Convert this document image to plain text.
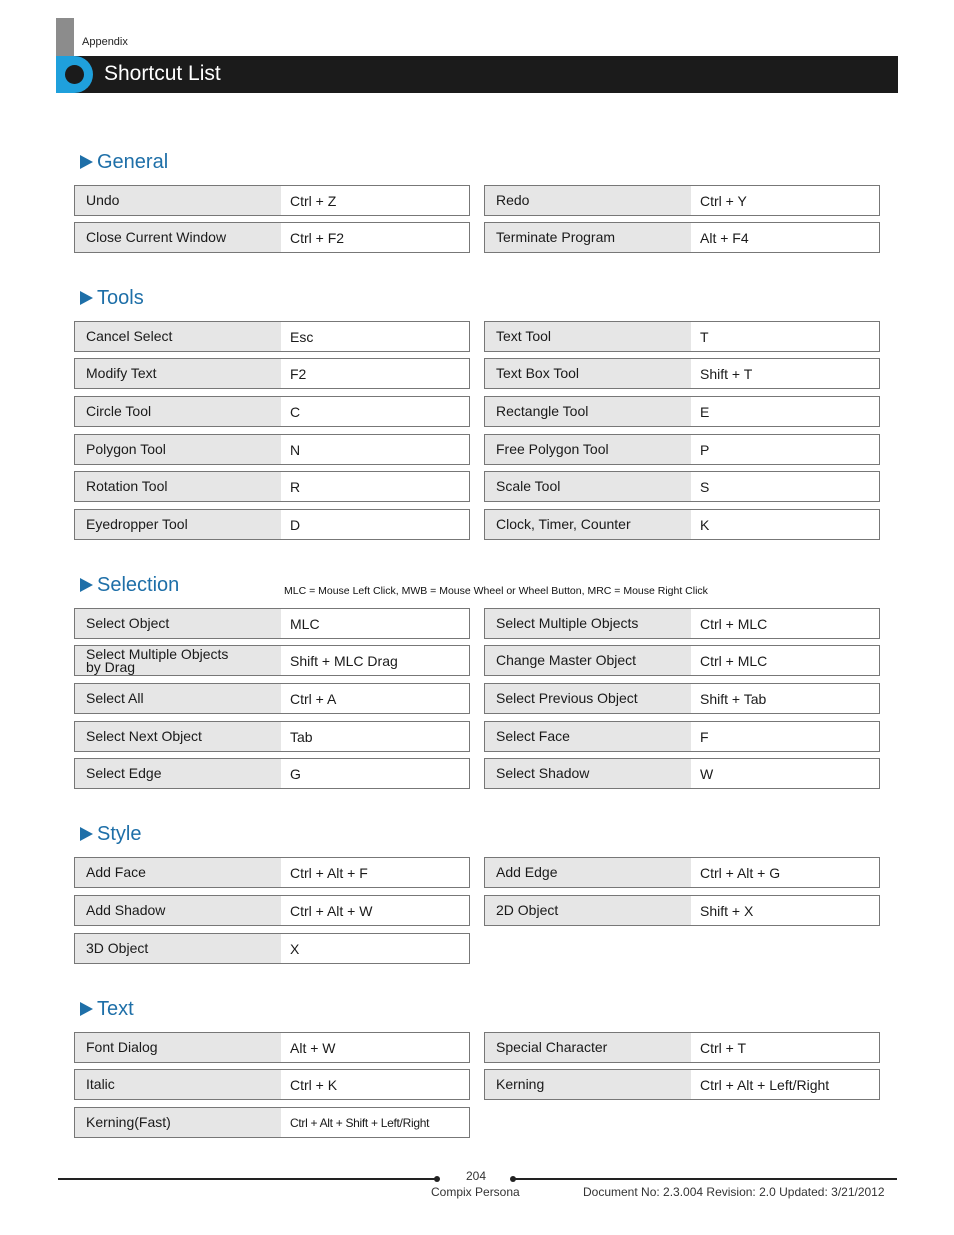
Appendix
Shortcut List
General
Tools
Selection	MLC = Mouse Left Click, MWB = Mouse Wheel or Wheel Button, MRC = Mouse Right Click
Style
Text
Undo	Ctrl + Z	Redo	Ctrl + Y
Close Current Window	Ctrl + F2	Terminate Program	Alt + F4
Cancel Select	Esc	Text Tool	T
Modify Text	F2	Text Box Tool	Shift + T
Circle Tool	C	Rectangle Tool	E
Polygon Tool	N	Free Polygon Tool	P
Rotation Tool	R	Scale Tool	S
Eyedropper Tool	D	Clock, Timer, Counter	K
Select Object	MLC	Select Multiple Objects	Ctrl + MLC
Select Multiple Objects by Drag	Shift + MLC Drag	Change Master Object	Ctrl + MLC
Select All	Ctrl + A	Select Previous Object	Shift + Tab
Select Next Object	Tab	Select Face	F
Select Edge	G	Select Shadow	W
Add Face	Ctrl + Alt + F	Add Edge	Ctrl + Alt + G
Add Shadow	Ctrl + Alt + W	2D Object	Shift + X
3D Object	X
Font Dialog	Alt + W	Special Character	Ctrl + T
Italic	Ctrl + K	Kerning	Ctrl + Alt + Left/Right
Kerning(Fast)	Ctrl + Alt + Shift + Left/Right
204
Compix Persona	Document No: 2.3.004 Revision: 2.0 Updated: 3/21/2012
